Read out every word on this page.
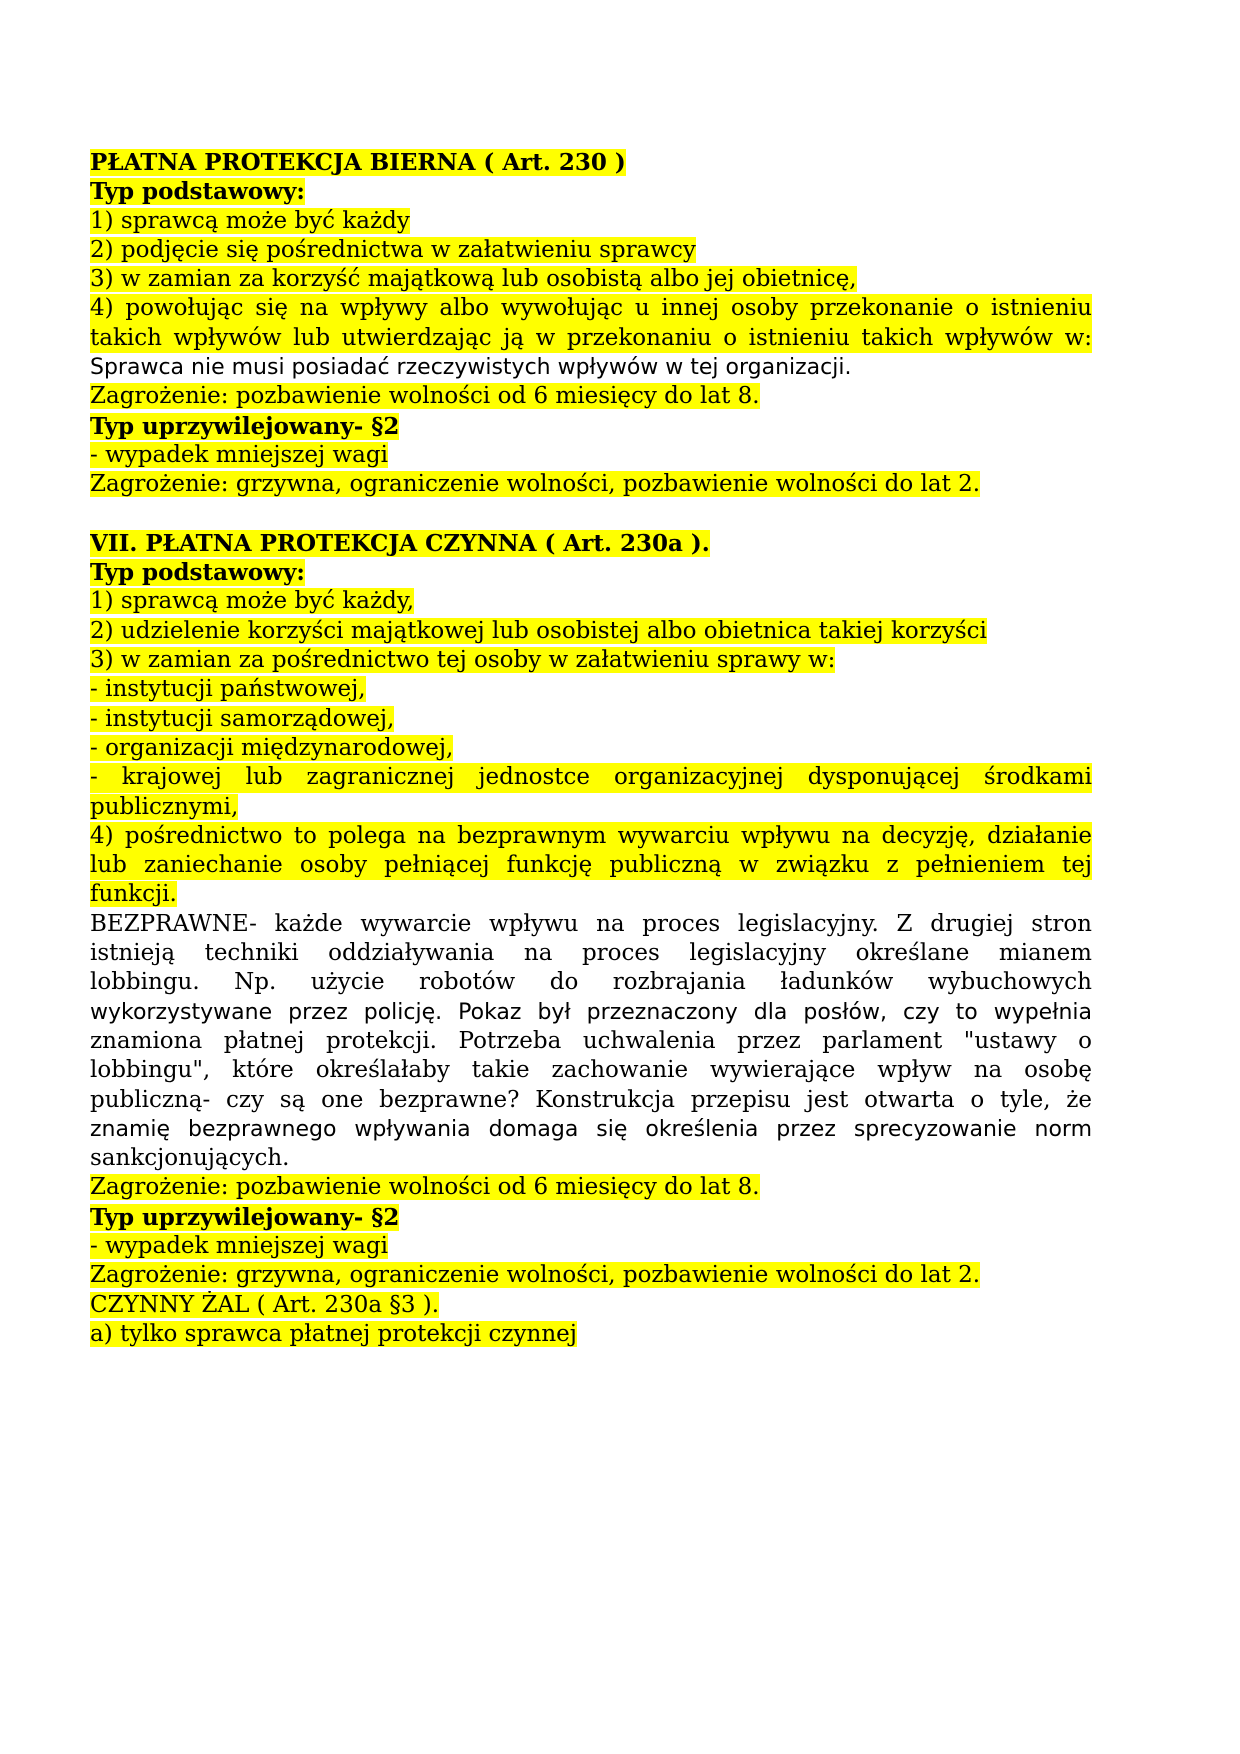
PŁATNA PROTEKCJA BIERNA ( Art. 230 )
Typ podstawowy:
1) sprawcą może być każdy
2) podjęcie się pośrednictwa w załatwieniu sprawcy
3) w zamian za korzyść majątkową lub osobistą albo jej obietnicę,
4) powołując się na wpływy albo wywołując u innej osoby przekonanie o istnieniu
takich wpływów lub utwierdzając ją w przekonaniu o istnieniu takich wpływów w:
Sprawca nie musi posiadać rzeczywistych wpływów w tej organizacji.
Zagrożenie: pozbawienie wolności od 6 miesięcy do lat 8.
Typ uprzywilejowany- §2
- wypadek mniejszej wagi
Zagrożenie: grzywna, ograniczenie wolności, pozbawienie wolności do lat 2.
VII. PŁATNA PROTEKCJA CZYNNA ( Art. 230a ).
Typ podstawowy:
1) sprawcą może być każdy,
2) udzielenie korzyści majątkowej lub osobistej albo obietnica takiej korzyści
3) w zamian za pośrednictwo tej osoby w załatwieniu sprawy w:
- instytucji państwowej,
- instytucji samorządowej,
- organizacji międzynarodowej,
- krajowej lub zagranicznej jednostce organizacyjnej dysponującej środkami
publicznymi,
4) pośrednictwo to polega na bezprawnym wywarciu wpływu na decyzję, działanie
lub zaniechanie osoby pełniącej funkcję publiczną w związku z pełnieniem tej
funkcji.
BEZPRAWNE- każde wywarcie wpływu na proces legislacyjny. Z drugiej stron
istnieją techniki oddziaływania na proces legislacyjny określane mianem
lobbingu. Np. użycie robotów do rozbrajania ładunków wybuchowych
wykorzystywane przez policję. Pokaz był przeznaczony dla posłów, czy to wypełnia
znamiona płatnej protekcji. Potrzeba uchwalenia przez parlament "ustawy o
lobbingu", które określałaby takie zachowanie wywierające wpływ na osobę
publiczną- czy są one bezprawne? Konstrukcja przepisu jest otwarta o tyle, że
znamię bezprawnego wpływania domaga się określenia przez sprecyzowanie norm
sankcjonujących.
Zagrożenie: pozbawienie wolności od 6 miesięcy do lat 8.
Typ uprzywilejowany- §2
- wypadek mniejszej wagi
Zagrożenie: grzywna, ograniczenie wolności, pozbawienie wolności do lat 2.
CZYNNY ŻAL ( Art. 230a §3 ).
a) tylko sprawca płatnej protekcji czynnej
